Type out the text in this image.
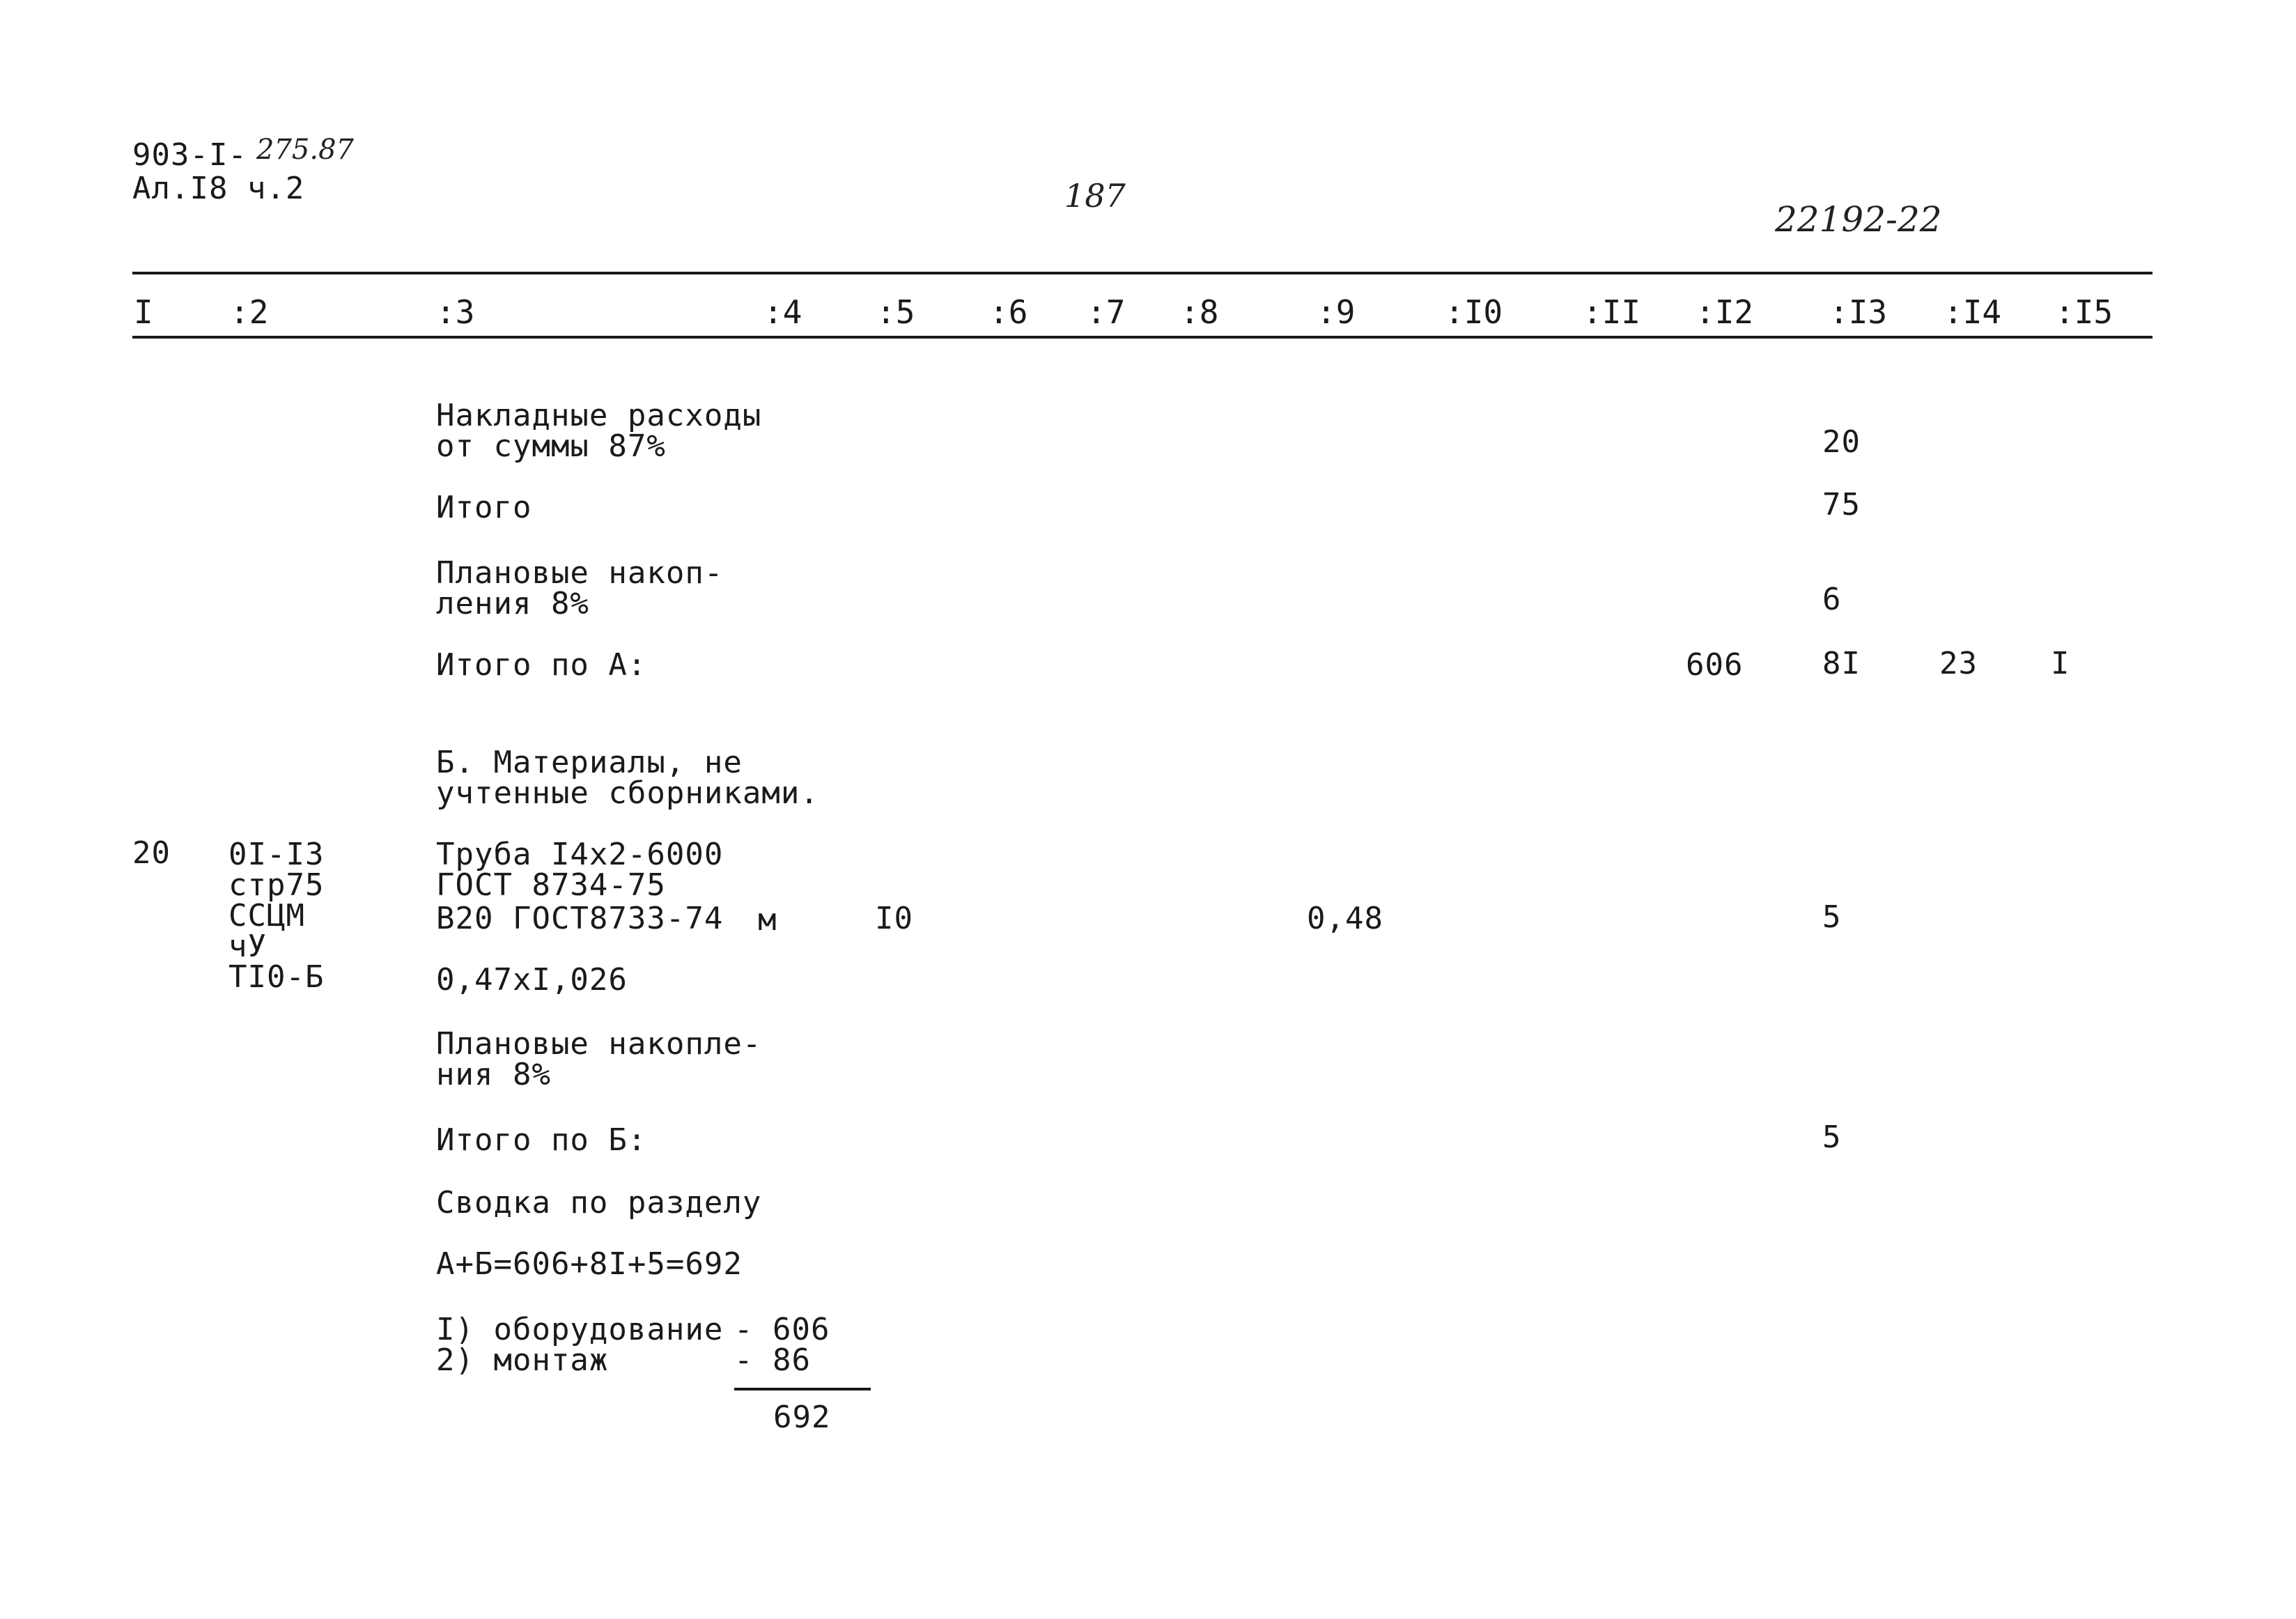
903-I- 275.87
Ал.I8 ч.2	187
22192-22
I :2	:3	:4 :5 :6 :7 :8	:9	:I0 :II :I2 :I3 :I4 :I5
Накладные расходы
от суммы 87%	20
Итого	75
Плановые накоп-
ления 8%	6
Итого по А:	606	8I	23 I
Б. Материалы, не
учтенные сборниками.
20 0I-I3
стр75
ССЦМ
чУ
TI0-Б
Труба I4x2-6000
ГОСТ 8734-75
B20 ГОСТ8733-74 м	I0	0,48	5
0,47xI,026
Плановые накопле-
ния 8%
Итого по Б:	5
Сводка по разделу
А+Б=606+8I+5=692
I) оборудование - 606
2) монтаж	- 86
692
